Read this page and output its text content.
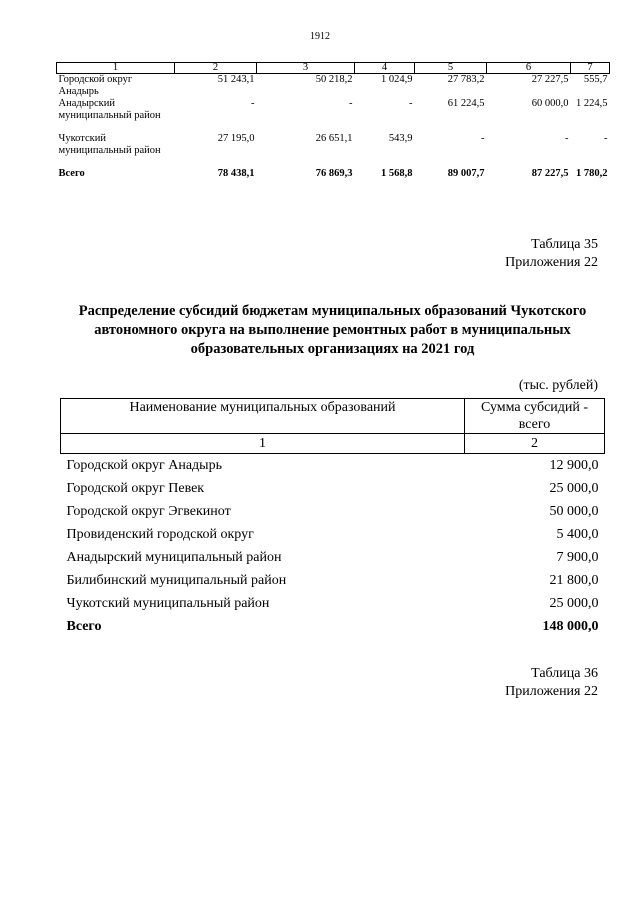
1912
1	2	3	4	5	6	7
Городской округ Анадырь	51 243,1	50 218,2	1 024,9	27 783,2	27 227,5	555,7
Анадырский муниципальный район	-	-	-	61 224,5	60 000,0	1 224,5
Чукотский муниципальный район	27 195,0	26 651,1	543,9	-	-	-
Всего	78 438,1	76 869,3	1 568,8	89 007,7	87 227,5	1 780,2
Таблица 35
Приложения 22
Распределение субсидий бюджетам муниципальных образований Чукотского автономного округа на выполнение ремонтных работ в муниципальных образовательных организациях на 2021 год
(тыс. рублей)
Наименование муниципальных образований	Сумма субсидий - всего
1	2
Городской округ Анадырь	12 900,0
Городской округ Певек	25 000,0
Городской округ Эгвекинот	50 000,0
Провиденский городской округ	5 400,0
Анадырский муниципальный район	7 900,0
Билибинский муниципальный район	21 800,0
Чукотский муниципальный район	25 000,0
Всего	148 000,0
Таблица 36
Приложения 22
